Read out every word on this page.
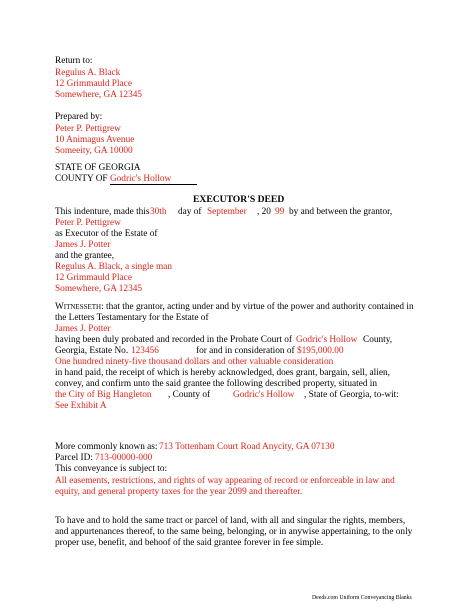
Return to:
Regulus A. Black
12 Grimmauld Place
Somewhere, GA 12345
Prepared by:
Peter P. Pettigrew
10 Animagus Avenue
Someeity, GA 10000
STATE OF GEORGIA
COUNTY OF Godric's Hollow
EXECUTOR'S DEED
This indenture, made this 30th day of September , 20 99 by and between the grantor,
Peter P. Pettigrew
as Executor of the Estate of
James J. Potter
and the grantee,
Regulus A. Black, a single man
12 Grimmauld Place
Somewhere, GA 12345
Witnesseth: that the grantor, acting under and by virtue of the power and authority contained in
the Letters Testamentary for the Estate of
James J. Potter
having been duly probated and recorded in the Probate Court of Godric's Hollow County,
Georgia, Estate No. 123456	for and in consideration of $195,000.00
One hundred ninety-five thousand dollars and other valuable consideration
in hand paid, the receipt of which is hereby acknowledged, does grant, bargain, sell, alien,
convey, and confirm unto the said grantee the following described property, situated in
the City of Big Hangleton , County of Godric's Hollow , State of Georgia, to-wit:
See Exhibit A
More commonly known as: 713 Tottenham Court Road Anycity, GA 07130
Parcel ID: 713-00000-000
This conveyance is subject to:
All easements, restrictions, and rights of way appearing of record or enforceable in law and
equity, and general property taxes for the year 2099 and thereafter.
To have and to hold the same tract or parcel of land, with all and singular the rights, members,
and appurtenances thereof, to the same being, belonging, or in anywise appertaining, to the only
proper use, benefit, and behoof of the said grantee forever in fee simple.
Deeds.com Uniform Conveyancing Blanks
